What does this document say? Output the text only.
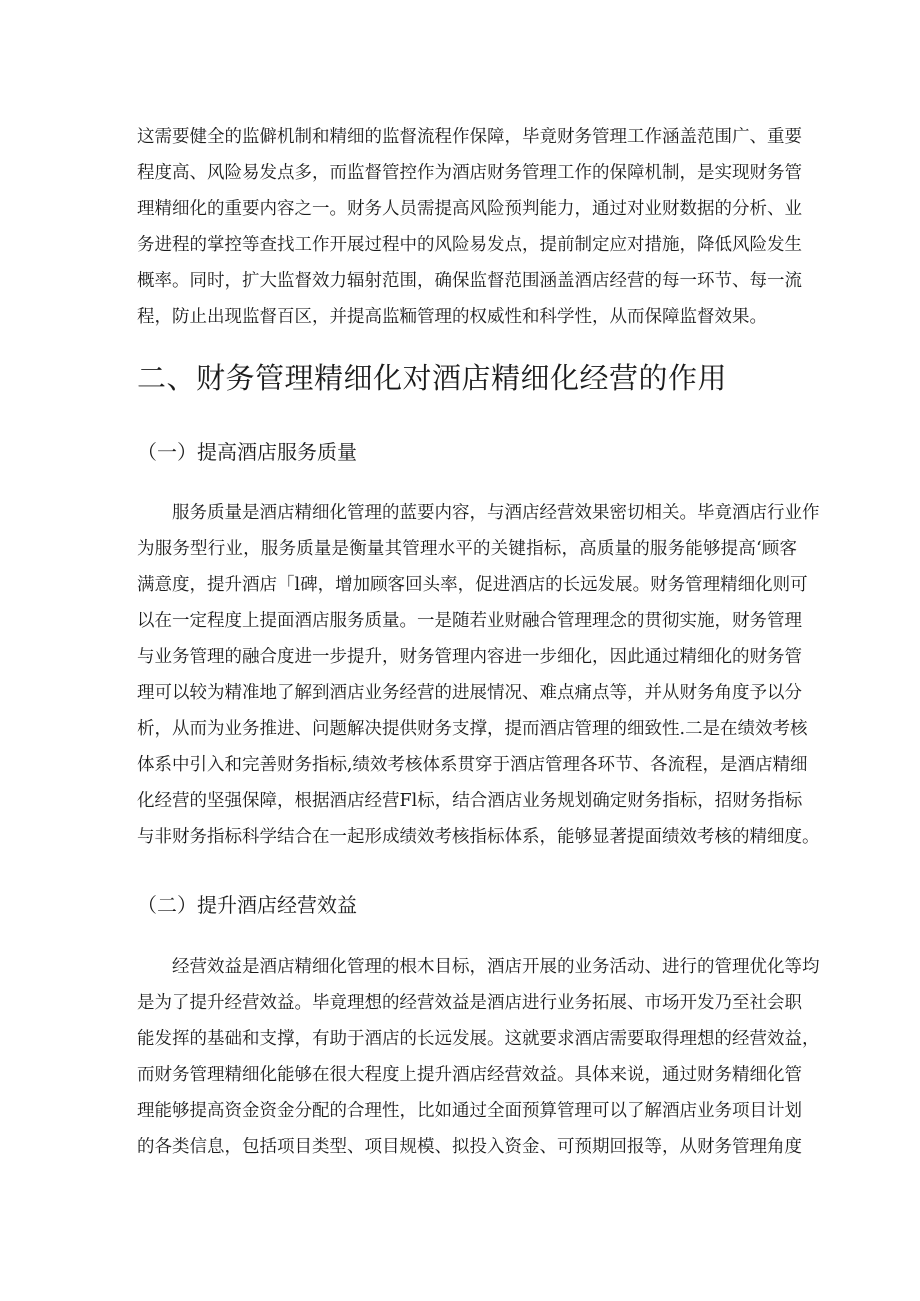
这需要健全的监僻机制和精细的监督流程作保障，毕竟财务管理工作涵盖范围广、重要
程度高、风险易发点多，而监督管控作为酒店财务管理工作的保障机制，是实现财务管
理精细化的重要内容之一。财务人员需提高风险预判能力，通过对业财数据的分析、业
务进程的掌控等查找工作开展过程中的风险易发点，提前制定应对措施，降低风险发生
概率。同时，扩大监督效力辐射范围，确保监督范围涵盖酒店经营的每一环节、每一流
程，防止出现监督百区，并提高监粫管理的权威性和科学性，从而保障监督效果。
二、财务管理精细化对酒店精细化经营的作用
（一）提高酒店服务质量
服务质量是酒店精细化管理的蓝要内容，与酒店经营效果密切相关。毕竟酒店行业作
为服务型行业，服务质量是衡量其管理水平的关键指标，高质量的服务能够提高‘顾客
满意度，提升酒店「l碑，增加顾客回头率，促进酒店的长远发展。财务管理精细化则可
以在一定程度上提面酒店服务质量。一是随若业财融合管理理念的贯彻实施，财务管理
与业务管理的融合度进一步提升，财务管理内容进一步细化，因此通过精细化的财务管
理可以较为精准地了解到酒店业务经营的进展情况、难点痛点等，并从财务角度予以分
析，从而为业务推进、问题解决提供财务支撑，提而酒店管理的细致性.二是在绩效考核
体系中引入和完善财务指标,绩效考核体系贯穿于酒店管理各环节、各流程，是酒店精细
化经营的坚强保障，根据酒店经营Fl标，结合酒店业务规划确定财务指标，招财务指标
与非财务指标科学结合在一起形成绩效考核指标体系，能够显著提面绩效考核的精细度。
（二）提升酒店经营效益
经营效益是酒店精细化管理的根木目标，酒店开展的业务活动、进行的管理优化等均
是为了提升经营效益。毕竟理想的经营效益是酒店进行业务拓展、市场开发乃至社会职
能发挥的基础和支撑，有助于酒店的长远发展。这就要求酒店需要取得理想的经营效益，
而财务管理精细化能够在很大程度上提升酒店经营效益。具体来说，通过财务精细化管
理能够提高资金资金分配的合理性，比如通过全面预算管理可以了解酒店业务项目计划
的各类信息，包括项目类型、项目规模、拟投入资金、可预期回报等，从财务管理角度
